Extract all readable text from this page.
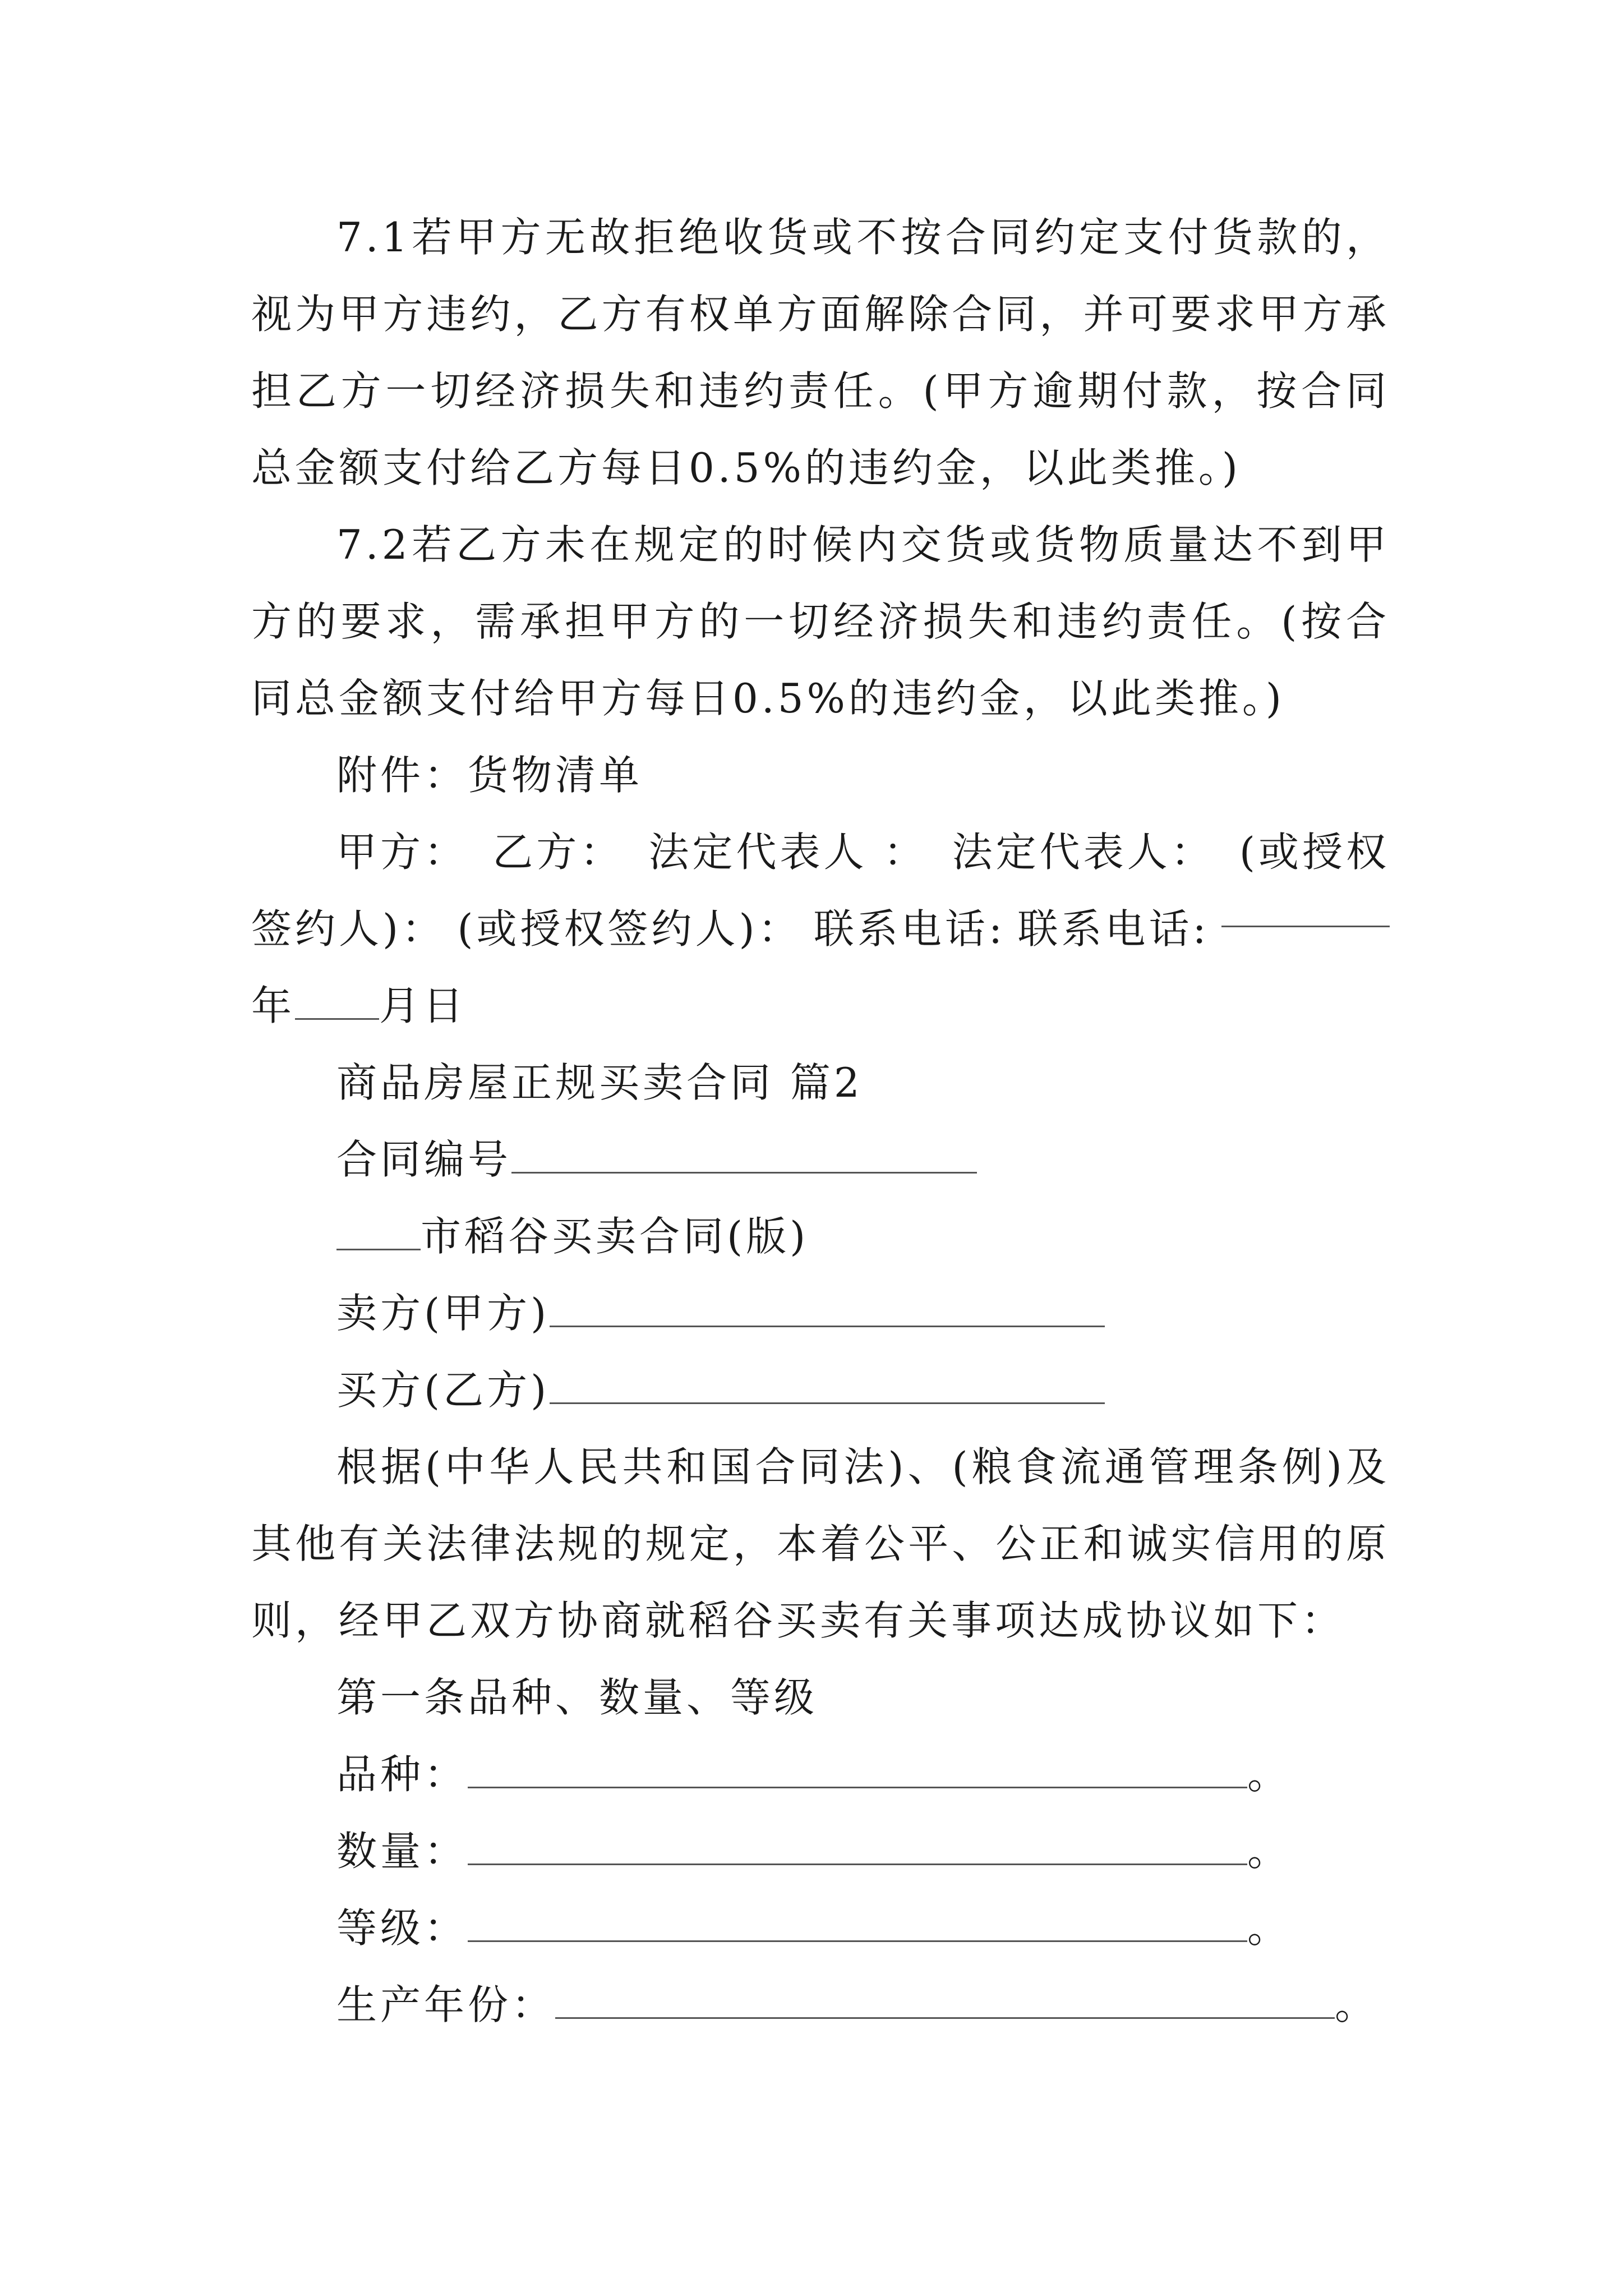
7.1若甲方无故拒绝收货或不按合同约定支付货款的，视为甲方违约，乙方有权单方面解除合同，并可要求甲方承担乙方一切经济损失和违约责任。(甲方逾期付款，按合同总金额支付给乙方每日0.5%的违约金，以此类推。)

7.2若乙方未在规定的时候内交货或货物质量达不到甲方的要求，需承担甲方的一切经济损失和违约责任。(按合同总金额支付给甲方每日0.5%的违约金，以此类推。)

附件：货物清单

甲方： 乙方： 法定代表人 ： 法定代表人： (或授权
签约人)： (或授权签约人)： 联系电话: 联系电话:

年 月日

商品房屋正规买卖合同 篇2

合同编号

市稻谷买卖合同(版)

卖方(甲方)

买方(乙方)

根据(中华人民共和国合同法)、(粮食流通管理条例)及其他有关法律法规的规定，本着公平、公正和诚实信用的原则，经甲乙双方协商就稻谷买卖有关事项达成协议如下：

第一条品种、数量、等级

品种：	。

数量：	。

等级：	。

生产年份：	。
